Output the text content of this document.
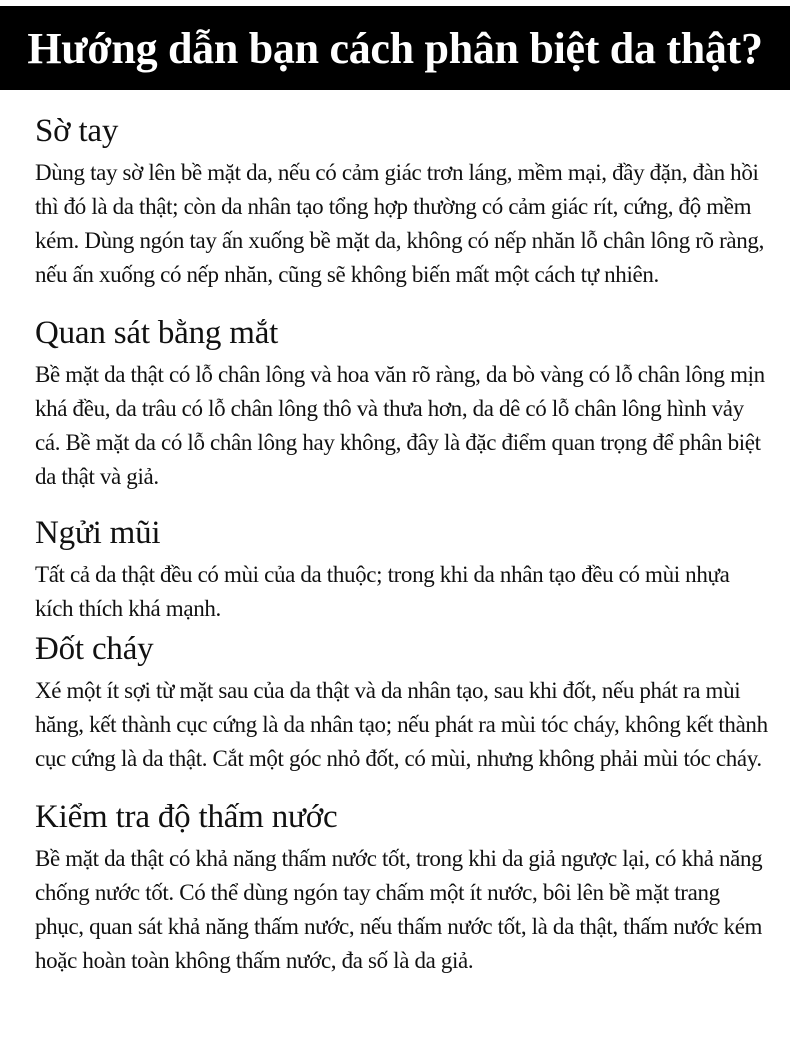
Hướng dẫn bạn cách phân biệt da thật?
Sờ tay

Dùng tay sờ lên bề mặt da, nếu có cảm giác trơn láng, mềm mại, đầy đặn, đàn hồi thì đó là da thật; còn da nhân tạo tổng hợp thường có cảm giác rít, cứng, độ mềm kém. Dùng ngón tay ấn xuống bề mặt da, không có nếp nhăn lỗ chân lông rõ ràng, nếu ấn xuống có nếp nhăn, cũng sẽ không biến mất một cách tự nhiên.

Quan sát bằng mắt

Bề mặt da thật có lỗ chân lông và hoa văn rõ ràng, da bò vàng có lỗ chân lông mịn khá đều, da trâu có lỗ chân lông thô và thưa hơn, da dê có lỗ chân lông hình vảy cá. Bề mặt da có lỗ chân lông hay không, đây là đặc điểm quan trọng để phân biệt da thật và giả.

Ngửi mũi

Tất cả da thật đều có mùi của da thuộc; trong khi da nhân tạo đều có mùi nhựa kích thích khá mạnh.

Đốt cháy

Xé một ít sợi từ mặt sau của da thật và da nhân tạo, sau khi đốt, nếu phát ra mùi hăng, kết thành cục cứng là da nhân tạo; nếu phát ra mùi tóc cháy, không kết thành cục cứng là da thật. Cắt một góc nhỏ đốt, có mùi, nhưng không phải mùi tóc cháy.

Kiểm tra độ thấm nước

Bề mặt da thật có khả năng thấm nước tốt, trong khi da giả ngược lại, có khả năng chống nước tốt. Có thể dùng ngón tay chấm một ít nước, bôi lên bề mặt trang phục, quan sát khả năng thấm nước, nếu thấm nước tốt, là da thật, thấm nước kém hoặc hoàn toàn không thấm nước, đa số là da giả.
